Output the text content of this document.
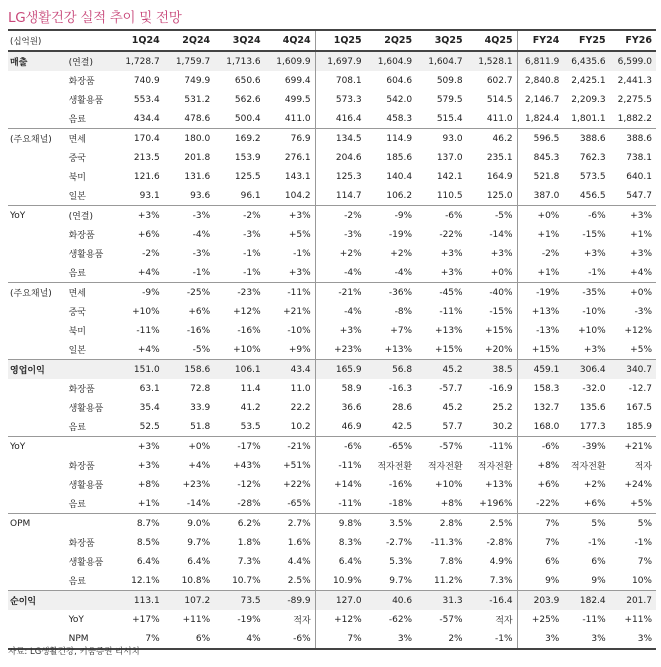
LG생활건강 실적 추이 및 전망
(십억원)		1Q24	2Q24	3Q24	4Q24	1Q25	2Q25	3Q25	4Q25	FY24	FY25	FY26
매출	(연결)	1,728.7	1,759.7	1,713.6	1,609.9	1,697.9	1,604.9	1,604.7	1,528.1	6,811.9	6,435.6	6,599.0
	화장품	740.9	749.9	650.6	699.4	708.1	604.6	509.8	602.7	2,840.8	2,425.1	2,441.3
	생활용품	553.4	531.2	562.6	499.5	573.3	542.0	579.5	514.5	2,146.7	2,209.3	2,275.5
	음료	434.4	478.6	500.4	411.0	416.4	458.3	515.4	411.0	1,824.4	1,801.1	1,882.2
(주요채널)	면세	170.4	180.0	169.2	76.9	134.5	114.9	93.0	46.2	596.5	388.6	388.6
	중국	213.5	201.8	153.9	276.1	204.6	185.6	137.0	235.1	845.3	762.3	738.1
	북미	121.6	131.6	125.5	143.1	125.3	140.4	142.1	164.9	521.8	573.5	640.1
	일본	93.1	93.6	96.1	104.2	114.7	106.2	110.5	125.0	387.0	456.5	547.7
YoY	(연결)	+3%	-3%	-2%	+3%	-2%	-9%	-6%	-5%	+0%	-6%	+3%
	화장품	+6%	-4%	-3%	+5%	-3%	-19%	-22%	-14%	+1%	-15%	+1%
	생활용품	-2%	-3%	-1%	-1%	+2%	+2%	+3%	+3%	-2%	+3%	+3%
	음료	+4%	-1%	-1%	+3%	-4%	-4%	+3%	+0%	+1%	-1%	+4%
(주요채널)	면세	-9%	-25%	-23%	-11%	-21%	-36%	-45%	-40%	-19%	-35%	+0%
	중국	+10%	+6%	+12%	+21%	-4%	-8%	-11%	-15%	+13%	-10%	-3%
	북미	-11%	-16%	-16%	-10%	+3%	+7%	+13%	+15%	-13%	+10%	+12%
	일본	+4%	-5%	+10%	+9%	+23%	+13%	+15%	+20%	+15%	+3%	+5%
영업이익		151.0	158.6	106.1	43.4	165.9	56.8	45.2	38.5	459.1	306.4	340.7
	화장품	63.1	72.8	11.4	11.0	58.9	-16.3	-57.7	-16.9	158.3	-32.0	-12.7
	생활용품	35.4	33.9	41.2	22.2	36.6	28.6	45.2	25.2	132.7	135.6	167.5
	음료	52.5	51.8	53.5	10.2	46.9	42.5	57.7	30.2	168.0	177.3	185.9
YoY		+3%	+0%	-17%	-21%	-6%	-65%	-57%	-11%	-6%	-39%	+21%
	화장품	+3%	+4%	+43%	+51%	-11%	적자전환	적자전환	적자전환	+8%	적자전환	적자
	생활용품	+8%	+23%	-12%	+22%	+14%	-16%	+10%	+13%	+6%	+2%	+24%
	음료	+1%	-14%	-28%	-65%	-11%	-18%	+8%	+196%	-22%	+6%	+5%
OPM		8.7%	9.0%	6.2%	2.7%	9.8%	3.5%	2.8%	2.5%	7%	5%	5%
	화장품	8.5%	9.7%	1.8%	1.6%	8.3%	-2.7%	-11.3%	-2.8%	7%	-1%	-1%
	생활용품	6.4%	6.4%	7.3%	4.4%	6.4%	5.3%	7.8%	4.9%	6%	6%	7%
	음료	12.1%	10.8%	10.7%	2.5%	10.9%	9.7%	11.2%	7.3%	9%	9%	10%
순이익		113.1	107.2	73.5	-89.9	127.0	40.6	31.3	-16.4	203.9	182.4	201.7
	YoY	+17%	+11%	-19%	적자	+12%	-62%	-57%	적자	+25%	-11%	+11%
	NPM	7%	6%	4%	-6%	7%	3%	2%	-1%	3%	3%	3%
자료: LG생활건강, 키움증권 리서치
